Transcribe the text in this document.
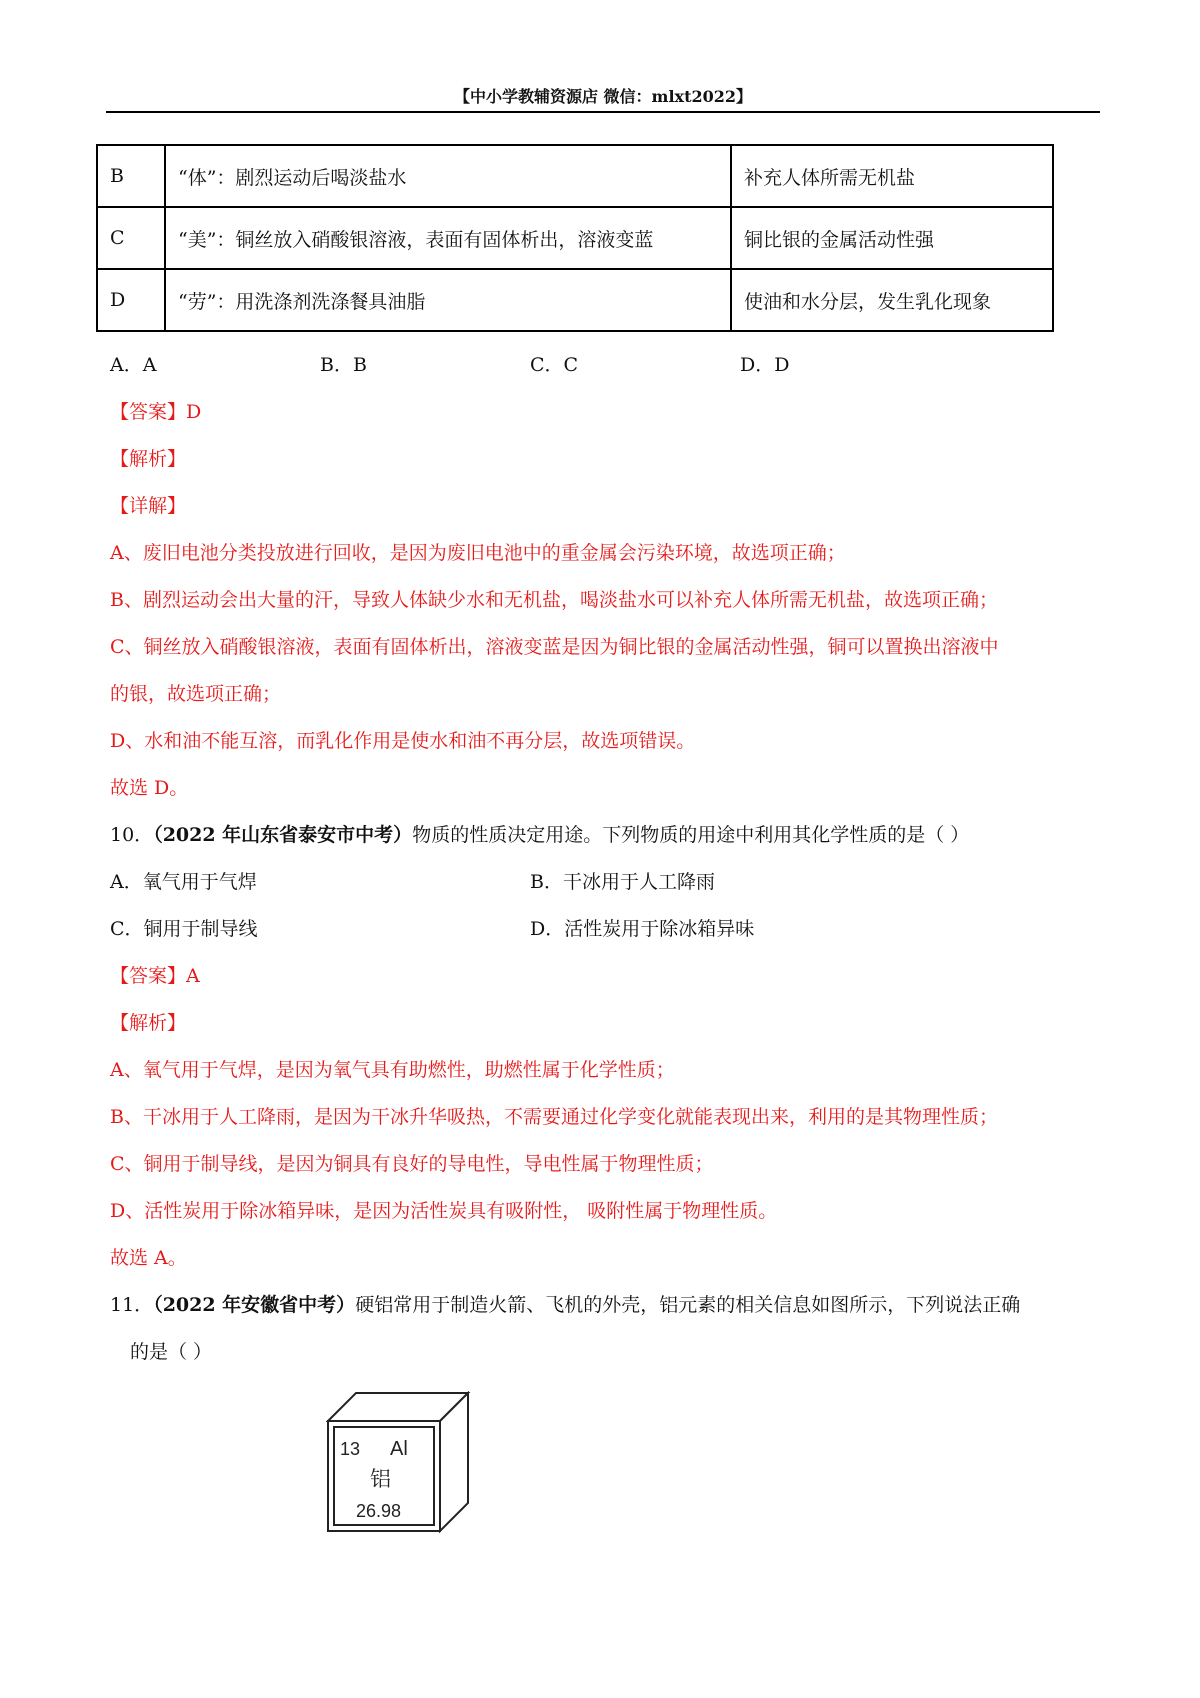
【中小学教辅资源店 微信：mlxt2022】
B	“体”：剧烈运动后喝淡盐水	补充人体所需无机盐
C	“美”：铜丝放入硝酸银溶液，表面有固体析出，溶液变蓝	铜比银的金属活动性强
D	“劳”：用洗涤剂洗涤餐具油脂	使油和水分层，发生乳化现象
A．A	B．B	C．C	D．D
【答案】D
【解析】
【详解】
A、废旧电池分类投放进行回收，是因为废旧电池中的重金属会污染环境，故选项正确；
B、剧烈运动会出大量的汗，导致人体缺少水和无机盐，喝淡盐水可以补充人体所需无机盐，故选项正确；
C、铜丝放入硝酸银溶液，表面有固体析出，溶液变蓝是因为铜比银的金属活动性强，铜可以置换出溶液中
的银，故选项正确；
D、水和油不能互溶，而乳化作用是使水和油不再分层，故选项错误。
故选 D。
10．（2022 年山东省泰安市中考）物质的性质决定用途。下列物质的用途中利用其化学性质的是（ ）
A．氧气用于气焊	B．干冰用于人工降雨
C．铜用于制导线	D．活性炭用于除冰箱异味
【答案】A
【解析】
A、氧气用于气焊，是因为氧气具有助燃性，助燃性属于化学性质；
B、干冰用于人工降雨，是因为干冰升华吸热，不需要通过化学变化就能表现出来，利用的是其物理性质；
C、铜用于制导线，是因为铜具有良好的导电性，导电性属于物理性质；
D、活性炭用于除冰箱异味，是因为活性炭具有吸附性， 吸附性属于物理性质。
故选 A。
11．（2022 年安徽省中考）硬铝常用于制造火箭、飞机的外壳，铝元素的相关信息如图所示，下列说法正确
的是（ ）
13 Al
铝
26.98
